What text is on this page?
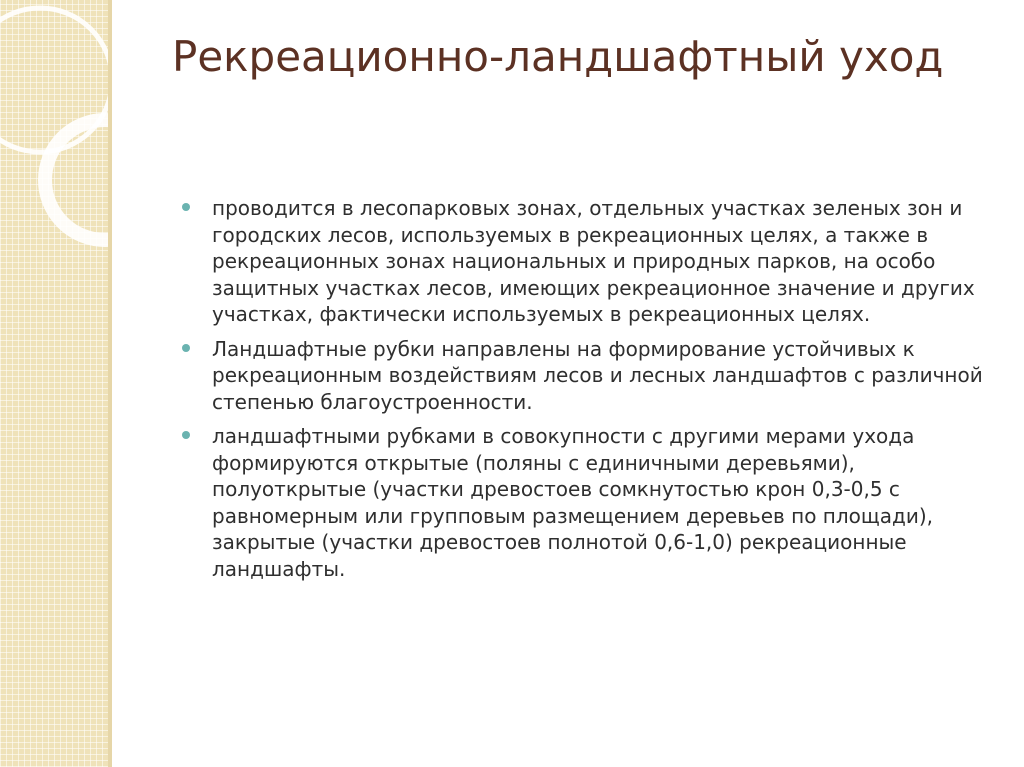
Рекреационно-ландшафтный уход
проводится в лесопарковых зонах, отдельных участках зеленых зон и городских лесов, используемых в рекреационных целях, а также в рекреационных зонах национальных и природных парков, на особо защитных участках лесов, имеющих рекреационное значение и других участках, фактически используемых в рекреационных целях.
Ландшафтные рубки направлены на формирование устойчивых к рекреационным воздействиям лесов и лесных ландшафтов с различной степенью благоустроенности.
ландшафтными рубками в совокупности с другими мерами ухода формируются открытые (поляны с единичными деревьями), полуоткрытые (участки древостоев сомкнутостью крон 0,3-0,5 с равномерным или групповым размещением деревьев по площади), закрытые (участки древостоев полнотой 0,6-1,0) рекреационные ландшафты.
